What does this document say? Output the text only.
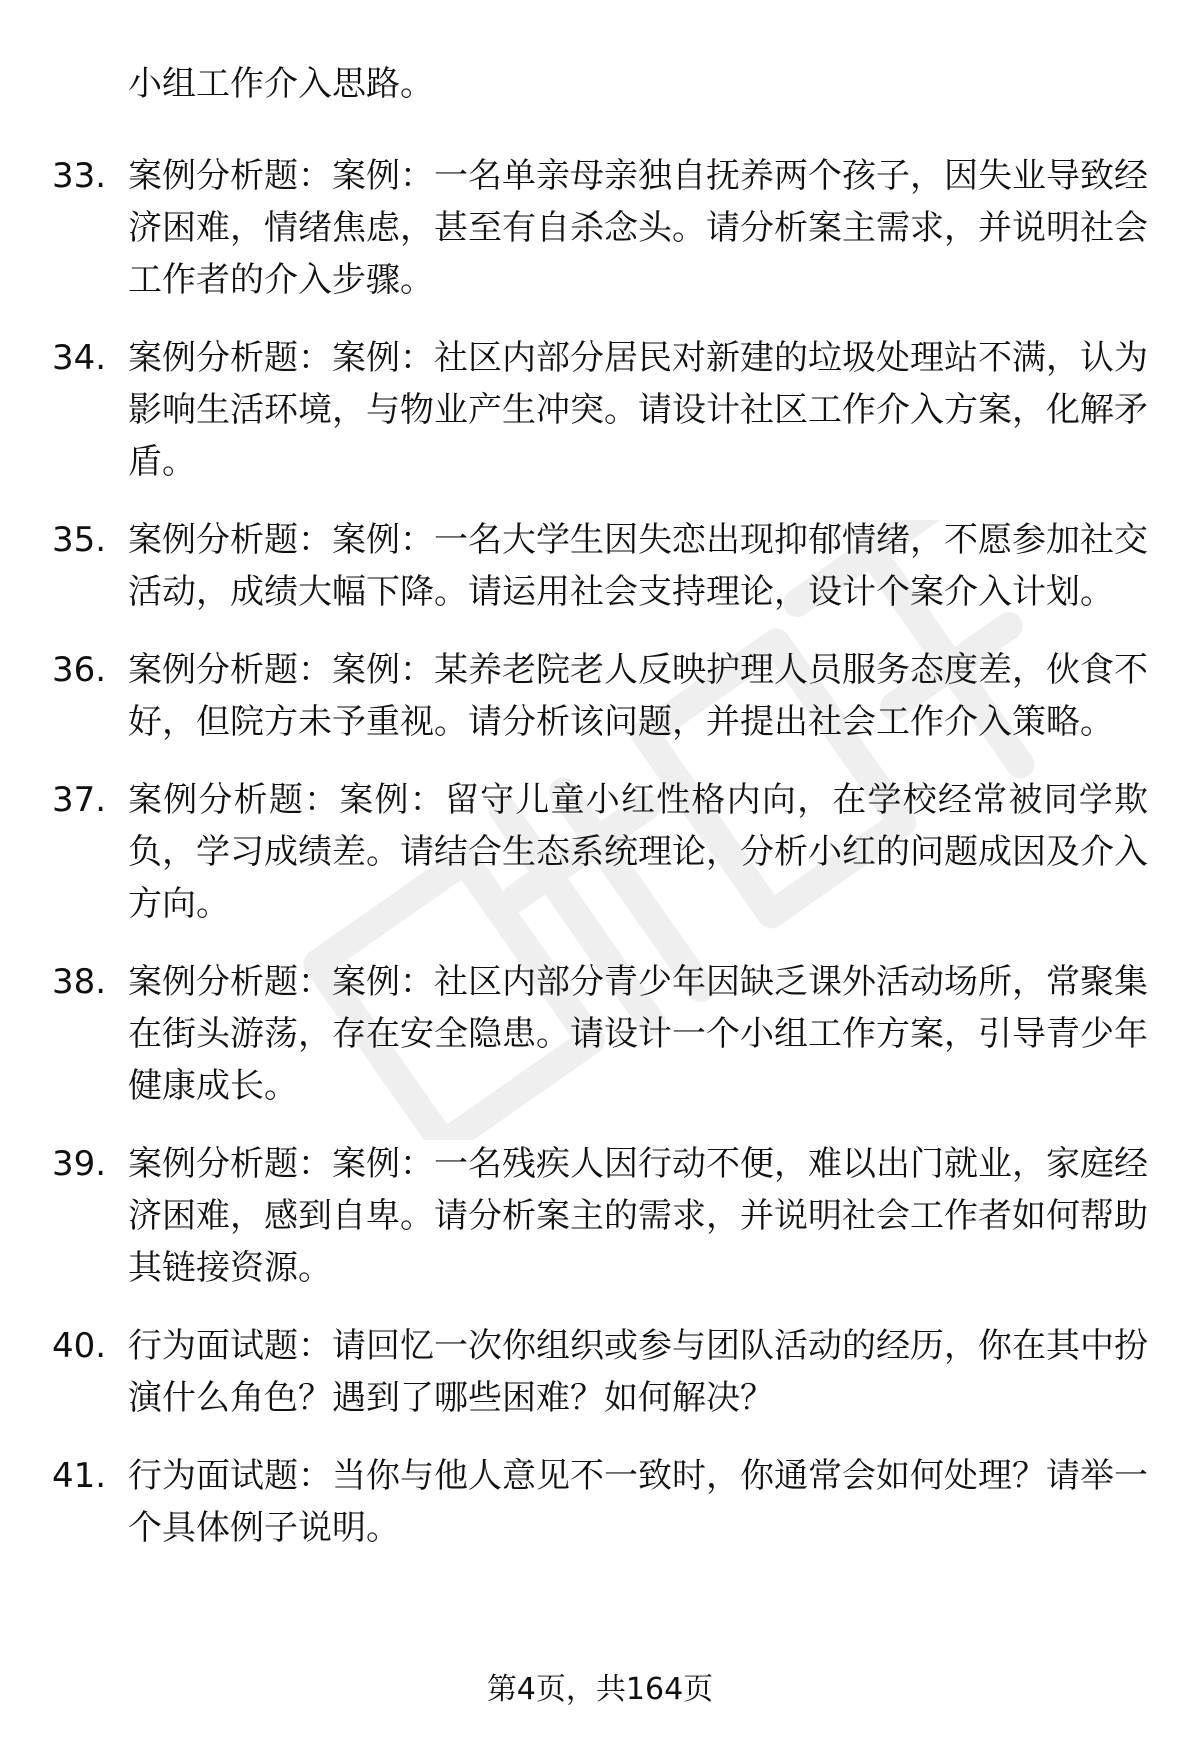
小组工作介入思路。
33. 案例分析题：案例：一名单亲母亲独自抚养两个孩子，因失业导致经济困难，情绪焦虑，甚至有自杀念头。请分析案主需求，并说明社会工作者的介入步骤。
34. 案例分析题：案例：社区内部分居民对新建的垃圾处理站不满，认为影响生活环境，与物业产生冲突。请设计社区工作介入方案，化解矛盾。
35. 案例分析题：案例：一名大学生因失恋出现抑郁情绪，不愿参加社交活动，成绩大幅下降。请运用社会支持理论，设计个案介入计划。
36. 案例分析题：案例：某养老院老人反映护理人员服务态度差，伙食不好，但院方未予重视。请分析该问题，并提出社会工作介入策略。
37. 案例分析题：案例：留守儿童小红性格内向，在学校经常被同学欺负，学习成绩差。请结合生态系统理论，分析小红的问题成因及介入方向。
38. 案例分析题：案例：社区内部分青少年因缺乏课外活动场所，常聚集在街头游荡，存在安全隐患。请设计一个小组工作方案，引导青少年健康成长。
39. 案例分析题：案例：一名残疾人因行动不便，难以出门就业，家庭经济困难，感到自卑。请分析案主的需求，并说明社会工作者如何帮助其链接资源。
40. 行为面试题：请回忆一次你组织或参与团队活动的经历，你在其中扮演什么角色？遇到了哪些困难？如何解决？
41. 行为面试题：当你与他人意见不一致时，你通常会如何处理？请举一个具体例子说明。
第4页，共164页
